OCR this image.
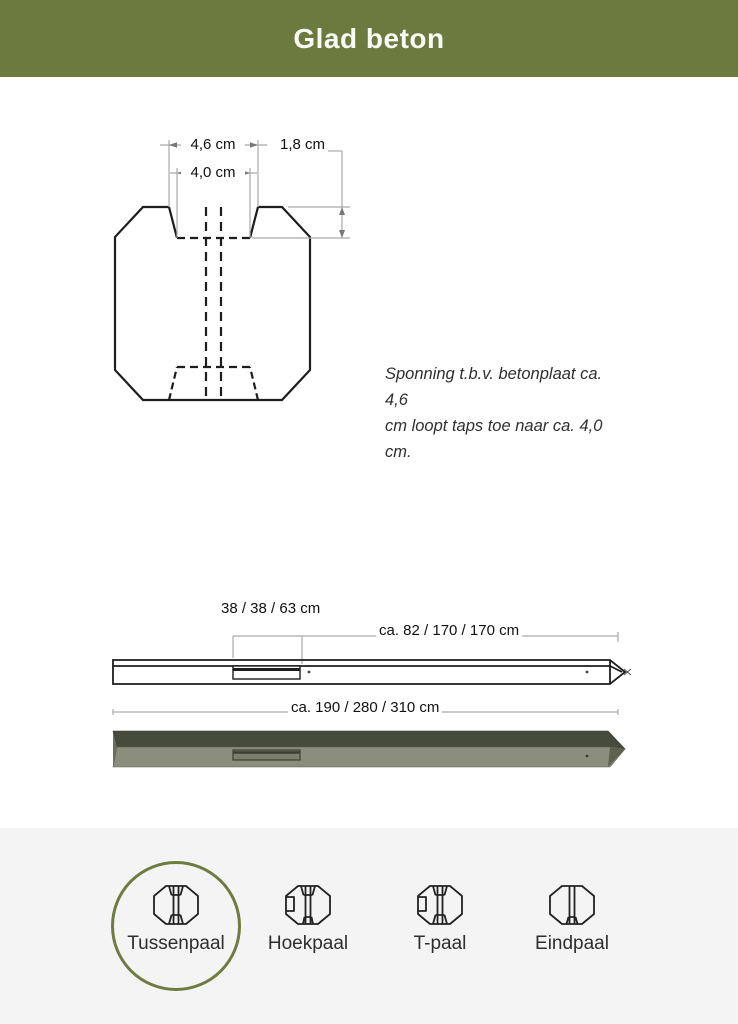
Glad beton
4,6 cm
4,0 cm
1,8 cm
Sponning t.b.v. betonplaat ca. 4,6
cm loopt taps toe naar ca. 4,0 cm.
38 / 38 / 63 cm
ca. 82 / 170 / 170 cm
ca. 190 / 280 / 310 cm
Tussenpaal Hoekpaal	T-paal	Eindpaal
